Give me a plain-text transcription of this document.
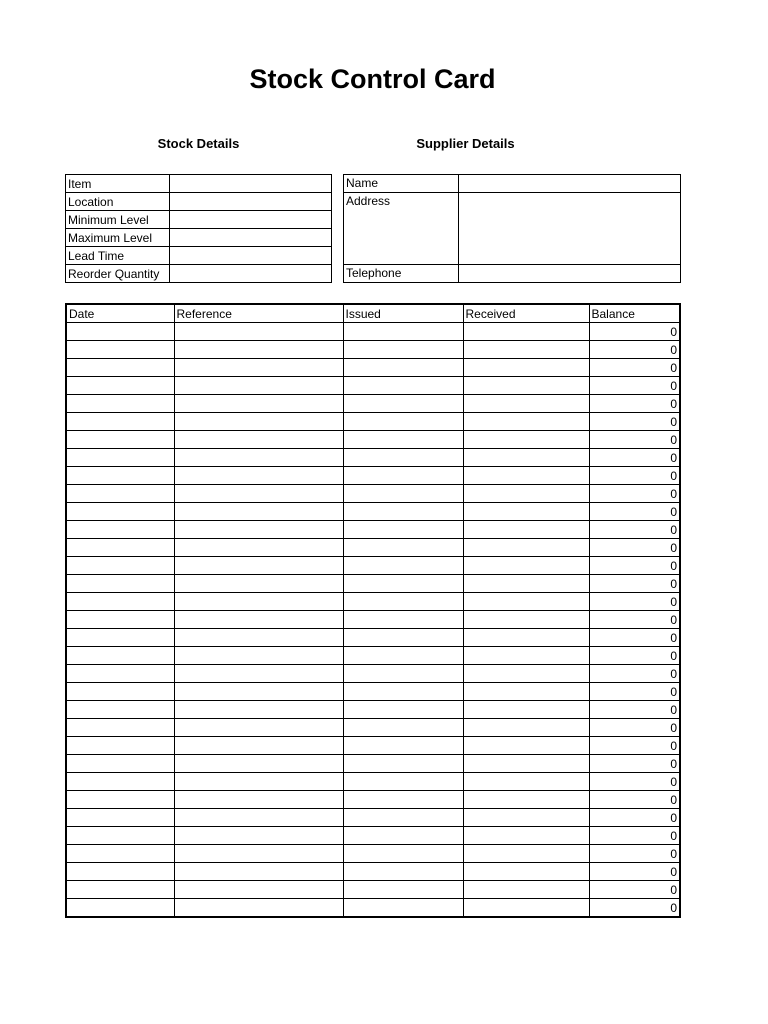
Stock Control Card
Stock Details	Supplier Details
Item	
Location	
Minimum Level	
Maximum Level	
Lead Time	
Reorder Quantity	
Name	
Address	
Telephone	
Date	Reference	Issued	Received	Balance
				0
				0
				0
				0
				0
				0
				0
				0
				0
				0
				0
				0
				0
				0
				0
				0
				0
				0
				0
				0
				0
				0
				0
				0
				0
				0
				0
				0
				0
				0
				0
				0
				0
